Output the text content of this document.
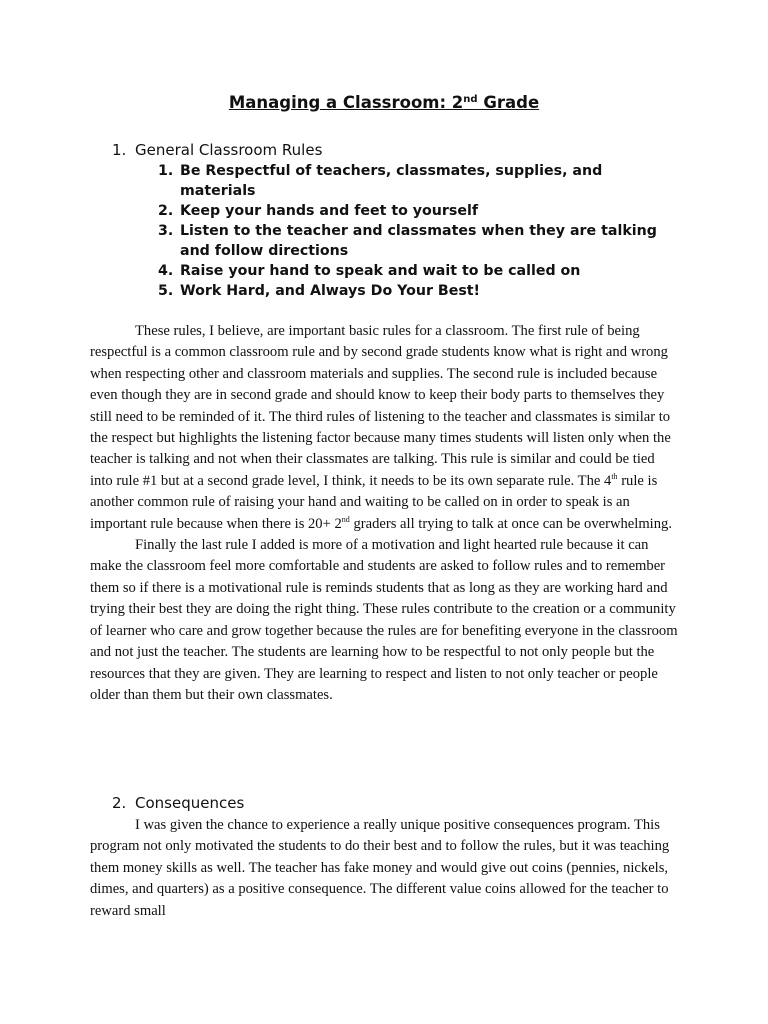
Managing a Classroom: 2nd Grade
1. General Classroom Rules
1. Be Respectful of teachers, classmates, supplies, and materials
2. Keep your hands and feet to yourself
3. Listen to the teacher and classmates when they are talking and follow directions
4. Raise your hand to speak and wait to be called on
5. Work Hard, and Always Do Your Best!

These rules, I believe, are important basic rules for a classroom. The first rule of being respectful is a common classroom rule and by second grade students know what is right and wrong when respecting other and classroom materials and supplies. The second rule is included because even though they are in second grade and should know to keep their body parts to themselves they still need to be reminded of it. The third rules of listening to the teacher and classmates is similar to the respect but highlights the listening factor because many times students will listen only when the teacher is talking and not when their classmates are talking. This rule is similar and could be tied into rule #1 but at a second grade level, I think, it needs to be its own separate rule. The 4th rule is another common rule of raising your hand and waiting to be called on in order to speak is an important rule because when there is 20+ 2nd graders all trying to talk at once can be overwhelming.

Finally the last rule I added is more of a motivation and light hearted rule because it can make the classroom feel more comfortable and students are asked to follow rules and to remember them so if there is a motivational rule is reminds students that as long as they are working hard and trying their best they are doing the right thing. These rules contribute to the creation or a community of learner who care and grow together because the rules are for benefiting everyone in the classroom and not just the teacher. The students are learning how to be respectful to not only people but the resources that they are given. They are learning to respect and listen to not only teacher or people older than them but their own classmates.

2. Consequences

I was given the chance to experience a really unique positive consequences program. This program not only motivated the students to do their best and to follow the rules, but it was teaching them money skills as well. The teacher has fake money and would give out coins (pennies, nickels, dimes, and quarters) as a positive consequence. The different value coins allowed for the teacher to reward small
